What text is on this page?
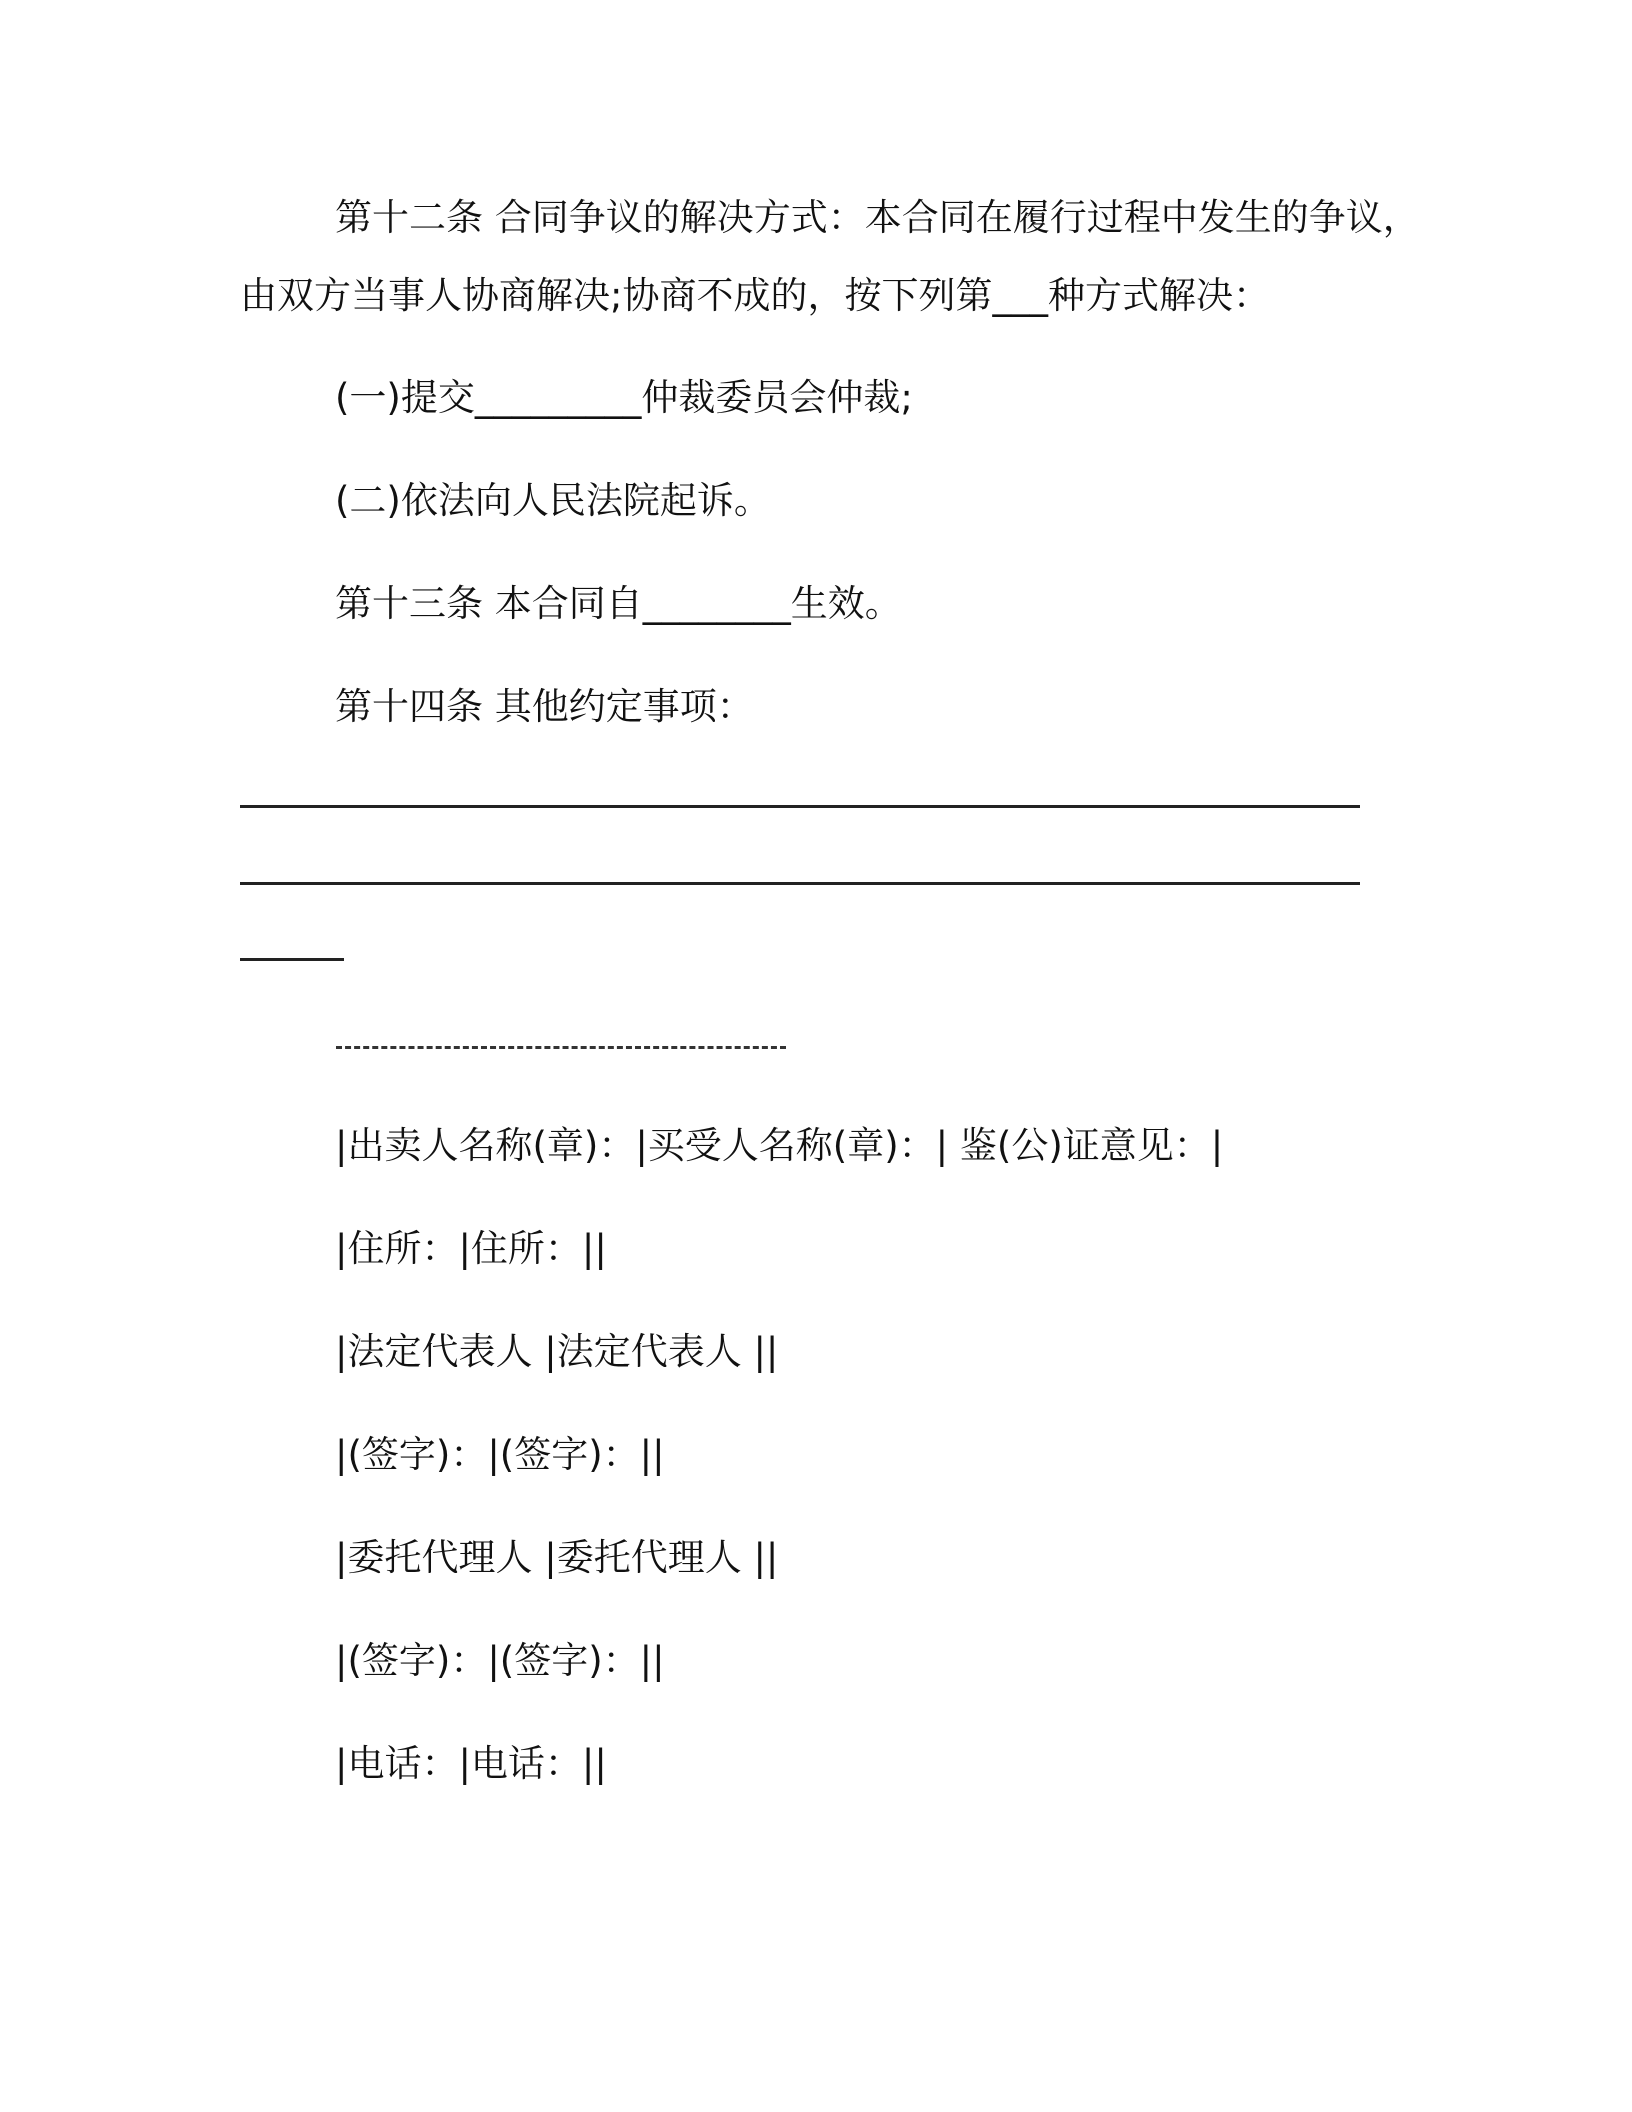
第十二条 合同争议的解决方式：本合同在履行过程中发生的争议，
由双方当事人协商解决;协商不成的，按下列第___种方式解决：
(一)提交_________仲裁委员会仲裁;
(二)依法向人民法院起诉。
第十三条 本合同自________生效。
第十四条 其他约定事项：
|出卖人名称(章)：|买受人名称(章)：| 鉴(公)证意见：|
|住所：|住所：||
|法定代表人 |法定代表人 ||
|(签字)：|(签字)：||
|委托代理人 |委托代理人 ||
|(签字)：|(签字)：||
|电话：|电话：||
